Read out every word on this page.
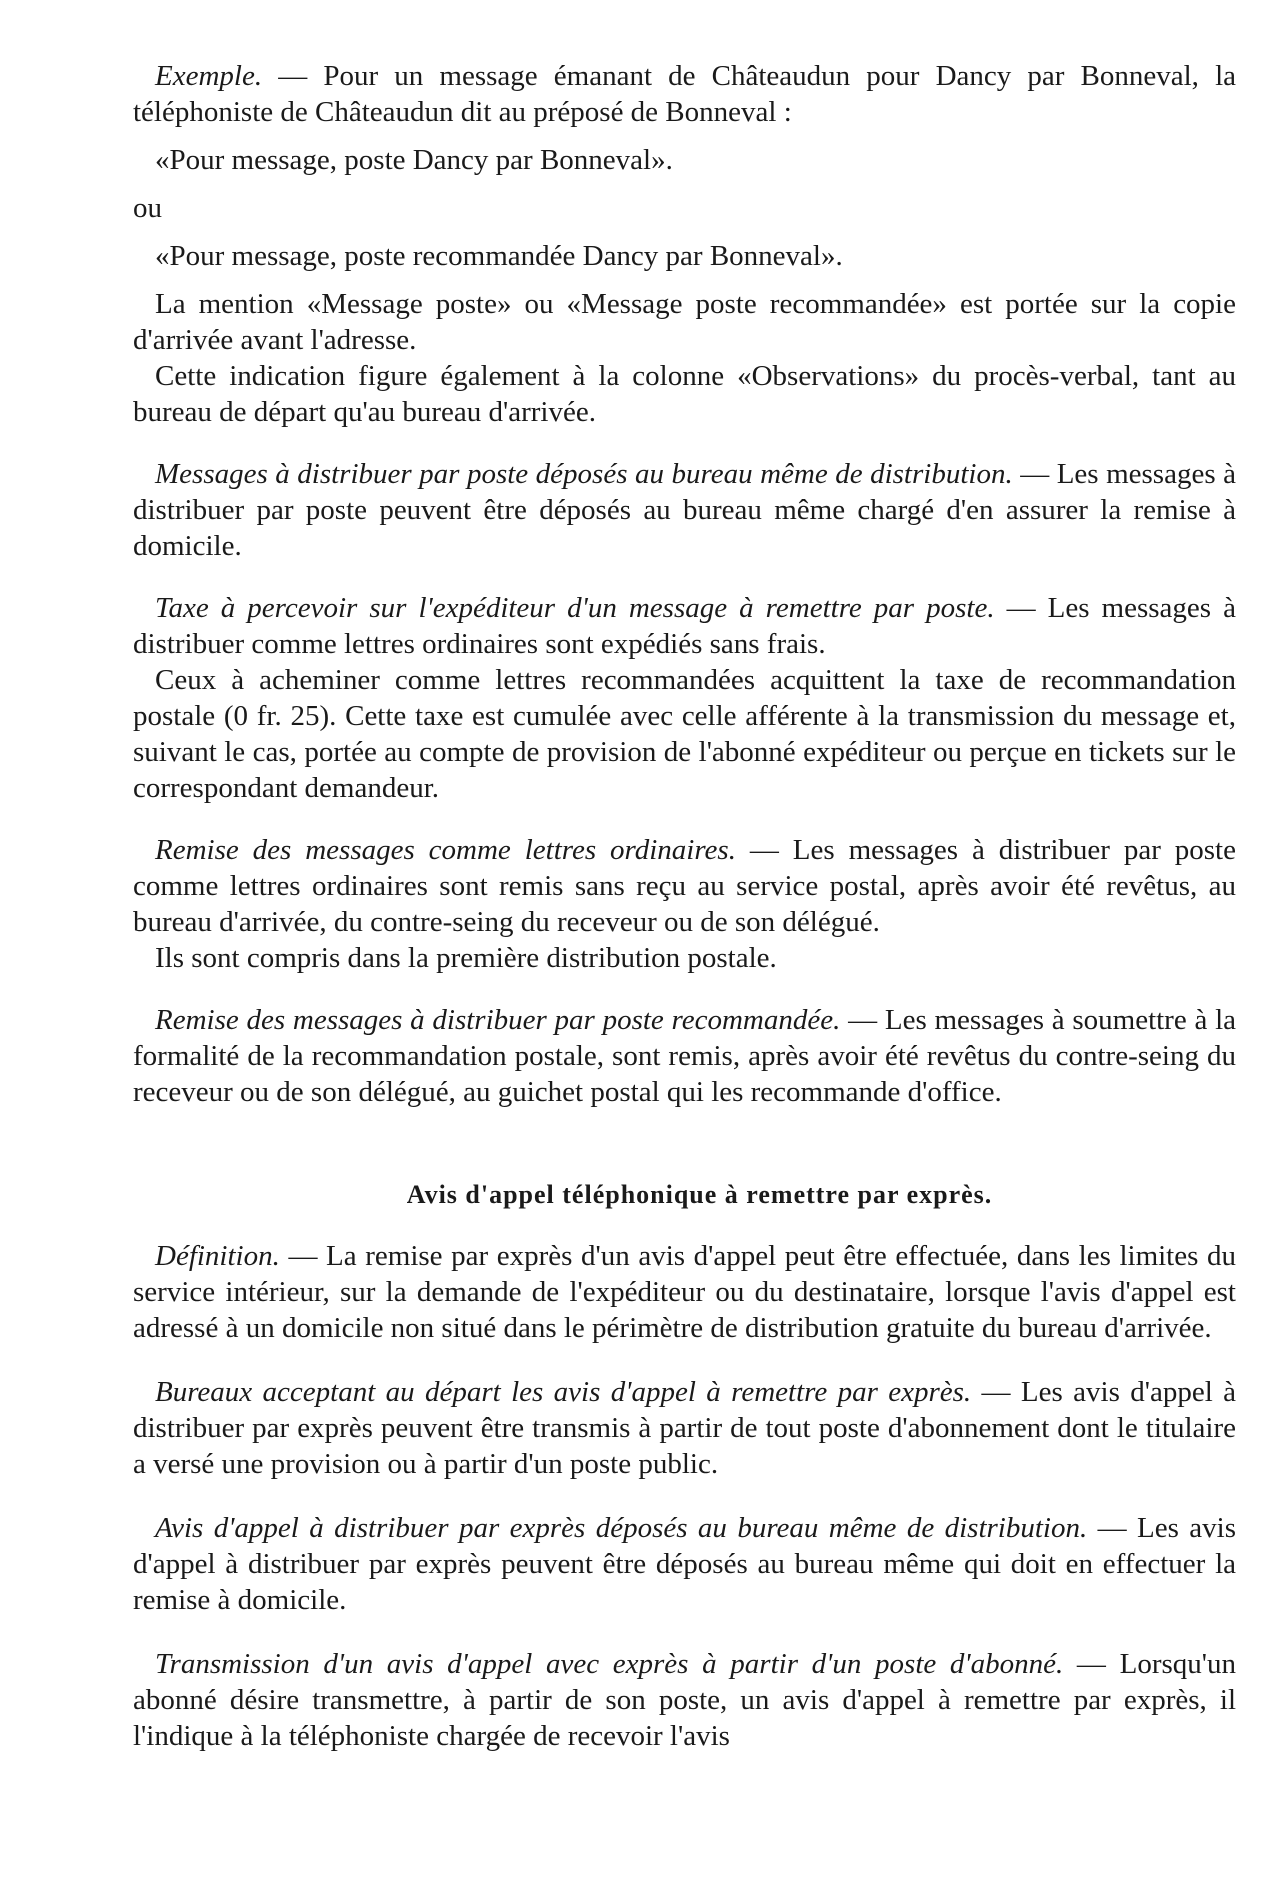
Exemple. — Pour un message émanant de Châteaudun pour Dancy par Bonneval, la téléphoniste de Châteaudun dit au préposé de Bonneval :

«Pour message, poste Dancy par Bonneval».

ou

«Pour message, poste recommandée Dancy par Bonneval».

La mention «Message poste» ou «Message poste recommandée» est portée sur la copie d'arrivée avant l'adresse.

Cette indication figure également à la colonne «Observations» du procès-verbal, tant au bureau de départ qu'au bureau d'arrivée.

Messages à distribuer par poste déposés au bureau même de distribution. — Les messages à distribuer par poste peuvent être déposés au bureau même chargé d'en assurer la remise à domicile.

Taxe à percevoir sur l'expéditeur d'un message à remettre par poste. — Les messages à distribuer comme lettres ordinaires sont expédiés sans frais.

Ceux à acheminer comme lettres recommandées acquittent la taxe de recommandation postale (0 fr. 25). Cette taxe est cumulée avec celle afférente à la transmission du message et, suivant le cas, portée au compte de provision de l'abonné expéditeur ou perçue en tickets sur le correspondant demandeur.

Remise des messages comme lettres ordinaires. — Les messages à distribuer par poste comme lettres ordinaires sont remis sans reçu au service postal, après avoir été revêtus, au bureau d'arrivée, du contre-seing du receveur ou de son délégué.

Ils sont compris dans la première distribution postale.

Remise des messages à distribuer par poste recommandée. — Les messages à soumettre à la formalité de la recommandation postale, sont remis, après avoir été revêtus du contre-seing du receveur ou de son délégué, au guichet postal qui les recommande d'office.

Avis d'appel téléphonique à remettre par exprès.

Définition. — La remise par exprès d'un avis d'appel peut être effectuée, dans les limites du service intérieur, sur la demande de l'expéditeur ou du destinataire, lorsque l'avis d'appel est adressé à un domicile non situé dans le périmètre de distribution gratuite du bureau d'arrivée.

Bureaux acceptant au départ les avis d'appel à remettre par exprès. — Les avis d'appel à distribuer par exprès peuvent être transmis à partir de tout poste d'abonnement dont le titulaire a versé une provision ou à partir d'un poste public.

Avis d'appel à distribuer par exprès déposés au bureau même de distribution. — Les avis d'appel à distribuer par exprès peuvent être déposés au bureau même qui doit en effectuer la remise à domicile.

Transmission d'un avis d'appel avec exprès à partir d'un poste d'abonné. — Lorsqu'un abonné désire transmettre, à partir de son poste, un avis d'appel à remettre par exprès, il l'indique à la téléphoniste chargée de recevoir l'avis
